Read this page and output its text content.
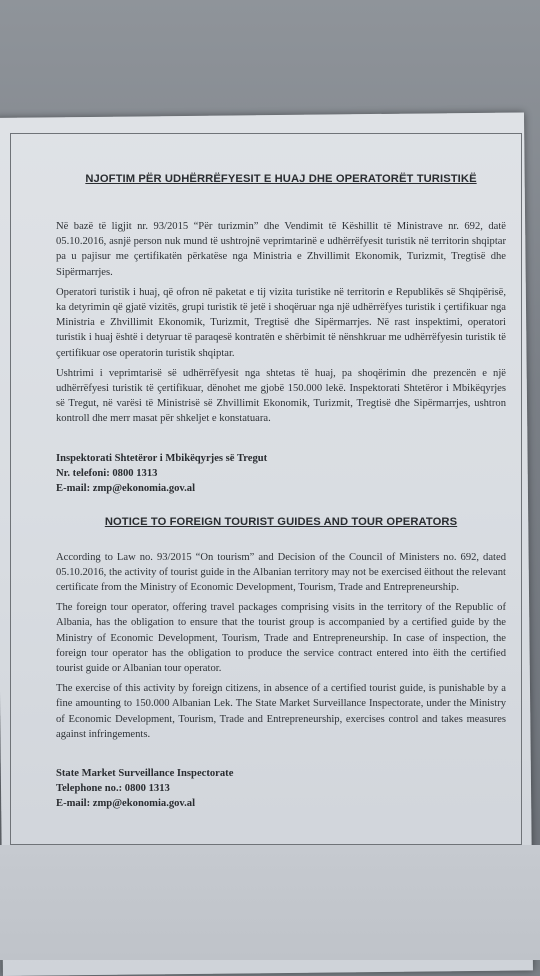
NJOFTIM PËR UDHËRRËFYESIT E HUAJ DHE OPERATORËT TURISTIKË

Në bazë të ligjit nr. 93/2015 “Për turizmin” dhe Vendimit të Këshillit të Ministrave nr. 692, datë 05.10.2016, asnjë person nuk mund të ushtrojnë veprimtarinë e udhërrëfyesit turistik në territorin shqiptar pa u pajisur me çertifikatën përkatëse nga Ministria e Zhvillimit Ekonomik, Turizmit, Tregtisë dhe Sipërmarrjes.

Operatori turistik i huaj, që ofron në paketat e tij vizita turistike në territorin e Republikës së Shqipërisë, ka detyrimin që gjatë vizitës, grupi turistik të jetë i shoqëruar nga një udhërrëfyes turistik i çertifikuar nga Ministria e Zhvillimit Ekonomik, Turizmit, Tregtisë dhe Sipërmarrjes. Në rast inspektimi, operatori turistik i huaj është i detyruar të paraqesë kontratën e shërbimit të nënshkruar me udhërrëfyesin turistik të çertifikuar ose operatorin turistik shqiptar.

Ushtrimi i veprimtarisë së udhërrëfyesit nga shtetas të huaj, pa shoqërimin dhe prezencën e një udhërrëfyesi turistik të çertifikuar, dënohet me gjobë 150.000 lekë. Inspektorati Shtetëror i Mbikëqyrjes së Tregut, në varësi të Ministrisë së Zhvillimit Ekonomik, Turizmit, Tregtisë dhe Sipërmarrjes, ushtron kontroll dhe merr masat për shkeljet e konstatuara.

Inspektorati Shtetëror i Mbikëqyrjes së Tregut

Nr. telefoni: 0800 1313

E-mail: zmp@ekonomia.gov.al

NOTICE TO FOREIGN TOURIST GUIDES AND TOUR OPERATORS

According to Law no. 93/2015 “On tourism” and Decision of the Council of Ministers no. 692, dated 05.10.2016, the activity of tourist guide in the Albanian territory may not be exercised ëithout the relevant certificate from the Ministry of Economic Development, Tourism, Trade and Entrepreneurship.

The foreign tour operator, offering travel packages comprising visits in the territory of the Republic of Albania, has the obligation to ensure that the tourist group is accompanied by a certified guide by the Ministry of Economic Development, Tourism, Trade and Entrepreneurship. In case of inspection, the foreign tour operator has the obligation to produce the service contract entered into ëith the certified tourist guide or Albanian tour operator.

The exercise of this activity by foreign citizens, in absence of a certified tourist guide, is punishable by a fine amounting to 150.000 Albanian Lek. The State Market Surveillance Inspectorate, under the Ministry of Economic Development, Tourism, Trade and Entrepreneurship, exercises control and takes measures against infringements.

State Market Surveillance Inspectorate

Telephone no.: 0800 1313

E-mail: zmp@ekonomia.gov.al
